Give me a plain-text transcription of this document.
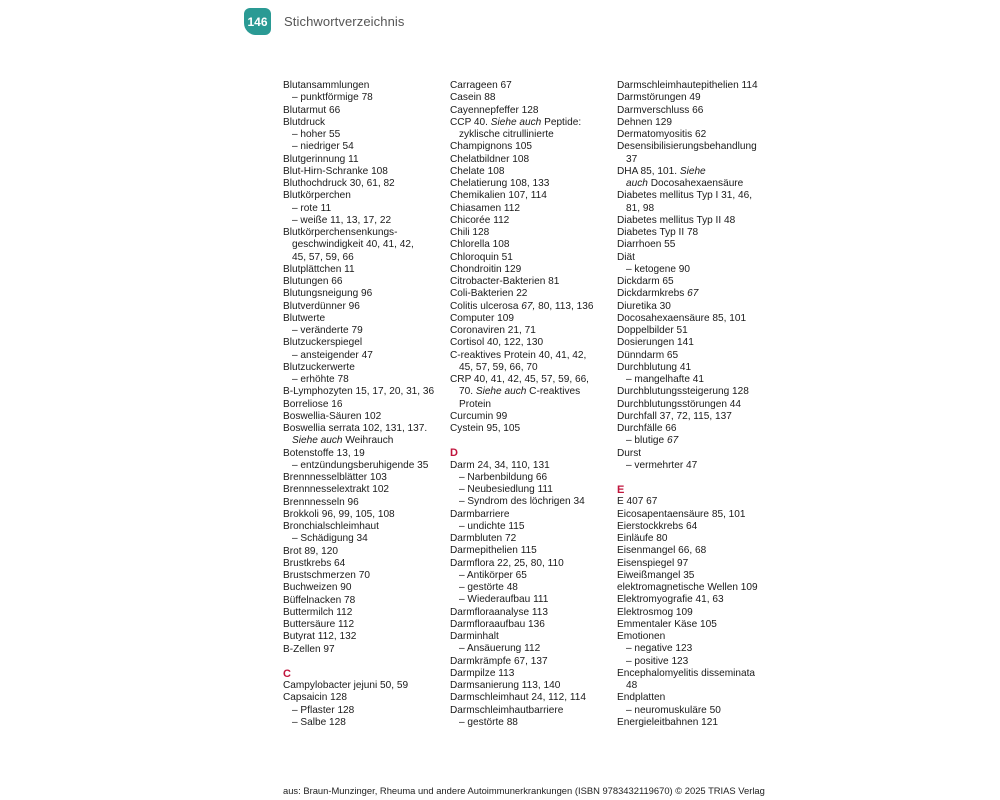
146 Stichwortverzeichnis
Blutansammlungen
– punktförmige 78
Blutarmut 66
Blutdruck
– hoher 55
– niedriger 54
Blutgerinnung 11
Blut-Hirn-Schranke 108
Bluthochdruck 30, 61, 82
Blutkörperchen
– rote 11
– weiße 11, 13, 17, 22
Blutkörperchensenkungs-
geschwindigkeit 40, 41, 42,
45, 57, 59, 66
Blutplättchen 11
Blutungen 66
Blutungsneigung 96
Blutverdünner 96
Blutwerte
– veränderte 79
Blutzuckerspiegel
– ansteigender 47
Blutzuckerwerte
– erhöhte 78
B-Lymphozyten 15, 17, 20, 31, 36
Borreliose 16
Boswellia-Säuren 102
Boswellia serrata 102, 131, 137.
Siehe auch Weihrauch
Botenstoffe 13, 19
– entzündungsberuhigende 35
Brennnesselblätter 103
Brennnesselextrakt 102
Brennnesseln 96
Brokkoli 96, 99, 105, 108
Bronchialschleimhaut
– Schädigung 34
Brot 89, 120
Brustkrebs 64
Brustschmerzen 70
Buchweizen 90
Büffelnacken 78
Buttermilch 112
Buttersäure 112
Butyrat 112, 132
B-Zellen 97
C
Campylobacter jejuni 50, 59
Capsaicin 128
– Pflaster 128
– Salbe 128
Carrageen 67
Casein 88
Cayennepfeffer 128
CCP 40. Siehe auch Peptide:
zyklische citrullinierte
Champignons 105
Chelatbildner 108
Chelate 108
Chelatierung 108, 133
Chemikalien 107, 114
Chiasamen 112
Chicorée 112
Chili 128
Chlorella 108
Chloroquin 51
Chondroitin 129
Citrobacter-Bakterien 81
Coli-Bakterien 22
Colitis ulcerosa 67, 80, 113, 136
Computer 109
Coronaviren 21, 71
Cortisol 40, 122, 130
C-reaktives Protein 40, 41, 42,
45, 57, 59, 66, 70
CRP 40, 41, 42, 45, 57, 59, 66,
70. Siehe auch C-reaktives
Protein
Curcumin 99
Cystein 95, 105
D
Darm 24, 34, 110, 131
– Narbenbildung 66
– Neubesiedlung 111
– Syndrom des löchrigen 34
Darmbarriere
– undichte 115
Darmbluten 72
Darmepithelien 115
Darmflora 22, 25, 80, 110
– Antikörper 65
– gestörte 48
– Wiederaufbau 111
Darmfloraanalyse 113
Darmfloraaufbau 136
Darminhalt
– Ansäuerung 112
Darmkrämpfe 67, 137
Darmpilze 113
Darmsanierung 113, 140
Darmschleimhaut 24, 112, 114
Darmschleimhautbarriere
– gestörte 88
Darmschleimhautepithelien 114
Darmstörungen 49
Darmverschluss 66
Dehnen 129
Dermatomyositis 62
Desensibilisierungsbehandlung
37
DHA 85, 101. Siehe
auch Docosahexaensäure
Diabetes mellitus Typ I 31, 46,
81, 98
Diabetes mellitus Typ II 48
Diabetes Typ II 78
Diarrhoen 55
Diät
– ketogene 90
Dickdarm 65
Dickdarmkrebs 67
Diuretika 30
Docosahexaensäure 85, 101
Doppelbilder 51
Dosierungen 141
Dünndarm 65
Durchblutung 41
– mangelhafte 41
Durchblutungssteigerung 128
Durchblutungsstörungen 44
Durchfall 37, 72, 115, 137
Durchfälle 66
– blutige 67
Durst
– vermehrter 47
E
E 407 67
Eicosapentaensäure 85, 101
Eierstockkrebs 64
Einläufe 80
Eisenmangel 66, 68
Eisenspiegel 97
Eiweißmangel 35
elektromagnetische Wellen 109
Elektromyografie 41, 63
Elektrosmog 109
Emmentaler Käse 105
Emotionen
– negative 123
– positive 123
Encephalomyelitis disseminata
48
Endplatten
– neuromuskuläre 50
Energieleitbahnen 121
aus: Braun-Munzinger, Rheuma und andere Autoimmunerkrankungen (ISBN 9783432119670) © 2025 TRIAS Verlag
